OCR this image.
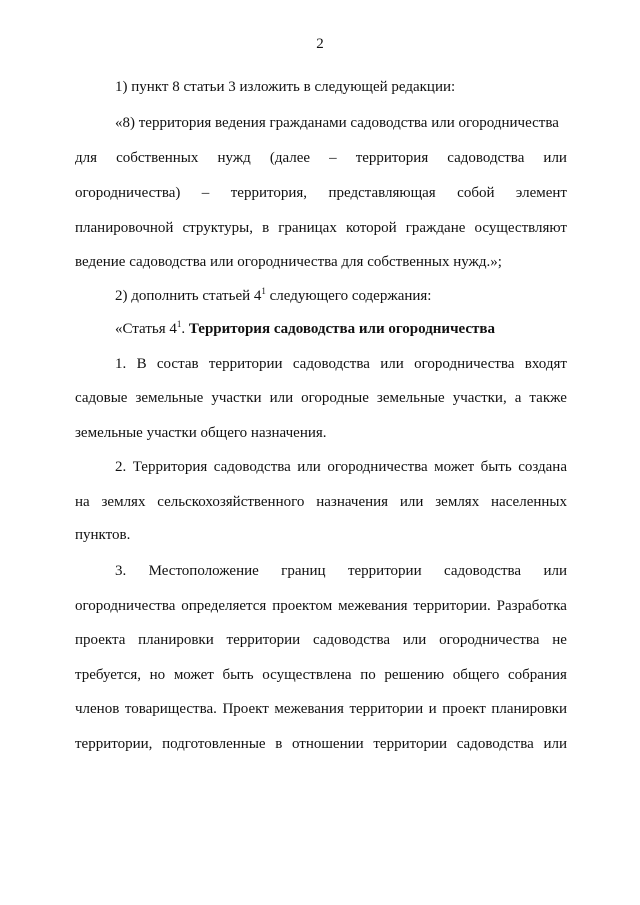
2
1) пункт 8 статьи 3 изложить в следующей редакции:
«8) территория ведения гражданами садоводства или огородничества
для собственных нужд (далее – территория садоводства или
огородничества) – территория, представляющая собой элемент
планировочной структуры, в границах которой граждане осуществляют
ведение садоводства или огородничества для собственных нужд.»;
2) дополнить статьей $4^1$ следующего содержания:
«Статья $4^1$. Территория садоводства или огородничества
1. В состав территории садоводства или огородничества входят
садовые земельные участки или огородные земельные участки, а также
земельные участки общего назначения.
2. Территория садоводства или огородничества может быть создана
на землях сельскохозяйственного назначения или землях населенных
пунктов.
3. Местоположение границ территории садоводства или
огородничества определяется проектом межевания территории. Разработка
проекта планировки территории садоводства или огородничества не
требуется, но может быть осуществлена по решению общего собрания
членов товарищества. Проект межевания территории и проект планировки
территории, подготовленные в отношении территории садоводства или
